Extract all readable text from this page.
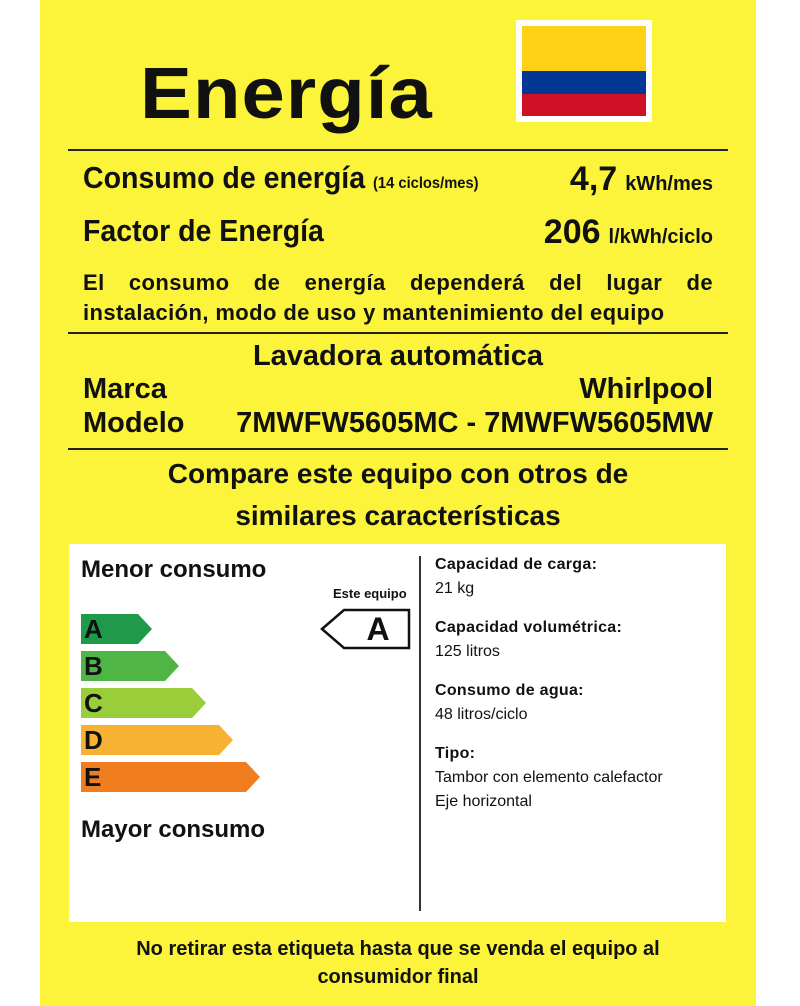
Energía
Consumo de energía (14 ciclos/mes)	4,7 kWh/mes
Factor de Energía	206 l/kWh/ciclo
El consumo de energía dependerá del lugar de
instalación, modo de uso y mantenimiento del equipo
Lavadora automática
Marca	Whirlpool
Modelo 7MWFW5605MC - 7MWFW5605MW
Compare este equipo con otros de
similares características
Menor consumo
A
B
C
D
E
Mayor consumo
Este equipo
A
Capacidad de carga:
21 kg
Capacidad volumétrica:
125 litros
Consumo de agua:
48 litros/ciclo
Tipo:
Tambor con elemento calefactor
Eje horizontal
No retirar esta etiqueta hasta que se venda el equipo al
consumidor final
